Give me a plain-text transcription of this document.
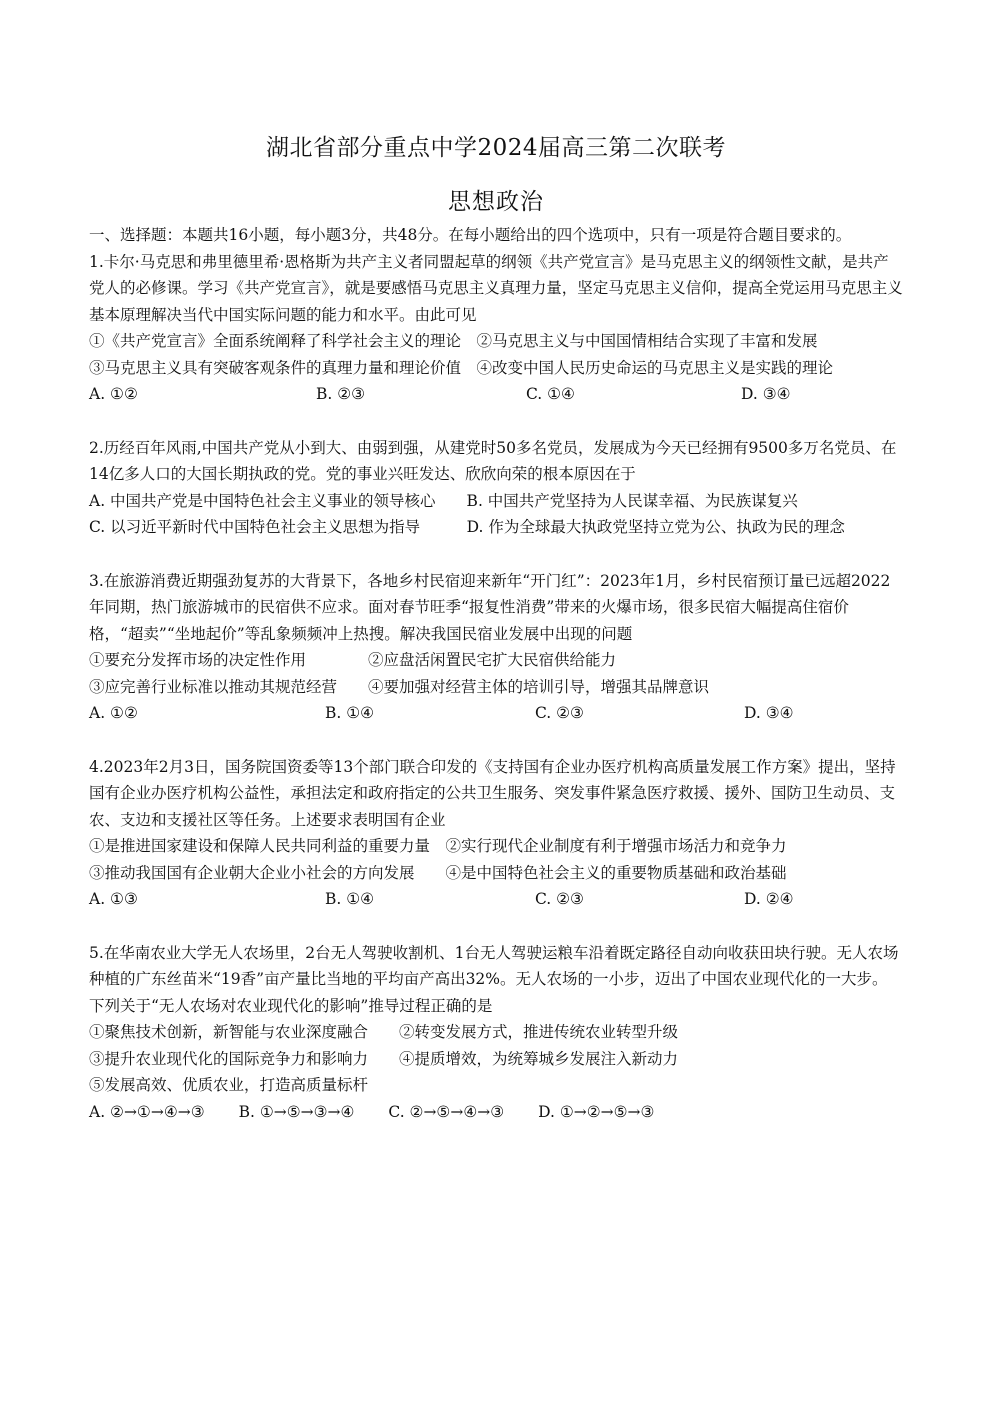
湖北省部分重点中学2024届高三第二次联考
思想政治

一、选择题：本题共16小题，每小题3分，共48分。在每小题给出的四个选项中，只有一项是符合题目要求的。

1.卡尔·马克思和弗里德里希·恩格斯为共产主义者同盟起草的纲领《共产党宣言》是马克思主义的纲领性文献，是共产党人的必修课。学习《共产党宣言》，就是要感悟马克思主义真理力量，坚定马克思主义信仰，提高全党运用马克思主义基本原理解决当代中国实际问题的能力和水平。由此可见

①《共产党宣言》全面系统阐释了科学社会主义的理论　②马克思主义与中国国情相结合实现了丰富和发展

③马克思主义具有突破客观条件的真理力量和理论价值　④改变中国人民历史命运的马克思主义是实践的理论

A. ①②	B. ②③	C. ①④	D. ③④

2.历经百年风雨,中国共产党从小到大、由弱到强，从建党时50多名党员，发展成为今天已经拥有9500多万名党员、在14亿多人口的大国长期执政的党。党的事业兴旺发达、欣欣向荣的根本原因在于

A. 中国共产党是中国特色社会主义事业的领导核心　　B. 中国共产党坚持为人民谋幸福、为民族谋复兴

C. 以习近平新时代中国特色社会主义思想为指导　　　D. 作为全球最大执政党坚持立党为公、执政为民的理念

3.在旅游消费近期强劲复苏的大背景下，各地乡村民宿迎来新年“开门红”：2023年1月，乡村民宿预订量已远超2022年同期，热门旅游城市的民宿供不应求。面对春节旺季“报复性消费”带来的火爆市场，很多民宿大幅提高住宿价格，“超卖”“坐地起价”等乱象频频冲上热搜。解决我国民宿业发展中出现的问题

①要充分发挥市场的决定性作用　　　　②应盘活闲置民宅扩大民宿供给能力

③应完善行业标准以推动其规范经营　　④要加强对经营主体的培训引导，增强其品牌意识

A. ①②	B. ①④	C. ②③	D. ③④

4.2023年2月3日，国务院国资委等13个部门联合印发的《支持国有企业办医疗机构高质量发展工作方案》提出，坚持国有企业办医疗机构公益性，承担法定和政府指定的公共卫生服务、突发事件紧急医疗救援、援外、国防卫生动员、支农、支边和支援社区等任务。上述要求表明国有企业

①是推进国家建设和保障人民共同利益的重要力量　②实行现代企业制度有利于增强市场活力和竞争力

③推动我国国有企业朝大企业小社会的方向发展　　④是中国特色社会主义的重要物质基础和政治基础

A. ①③	B. ①④	C. ②③	D. ②④

5.在华南农业大学无人农场里，2台无人驾驶收割机、1台无人驾驶运粮车沿着既定路径自动向收获田块行驶。无人农场种植的广东丝苗米“19香”亩产量比当地的平均亩产高出32%。无人农场的一小步，迈出了中国农业现代化的一大步。下列关于“无人农场对农业现代化的影响”推导过程正确的是

①聚焦技术创新，新智能与农业深度融合　　②转变发展方式，推进传统农业转型升级

③提升农业现代化的国际竞争力和影响力　　④提质增效，为统筹城乡发展注入新动力

⑤发展高效、优质农业，打造高质量标杆

A. ②→①→④→③ B. ①→⑤→③→④ C. ②→⑤→④→③ D. ①→②→⑤→③
